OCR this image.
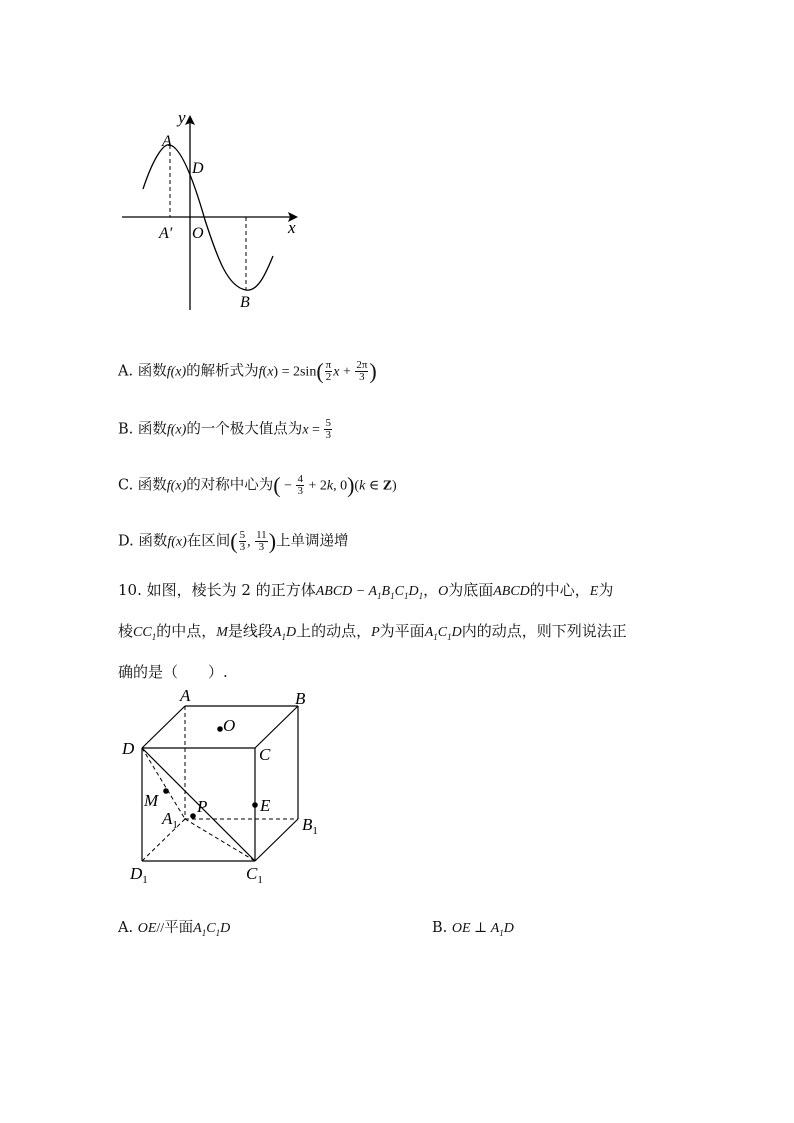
y
x
A
D
A′ O
B
A. 函数f(x)的解析式为$f(x) = 2\sin( \frac{\pi}{2}$ $x + \frac{2\pi}{3}$ )
B. 函数f(x)的一个极大值点为$x = \frac{5}{3}$
C. 函数f(x)的对称中心为( − $\frac{4}{3} + 2k$, 0)(k ∈ Z)
D. 函数f(x)在区间( $\frac{5}{3}$ , $\frac{11}{3}$ )上单调递增
10. 如图，棱长为 2 的正方体ABCD − $A_1B_1C_1D_1$，O为底面ABCD的中心，E为
棱$CC_1$的中点，M是线段$A_1D$上的动点，P为平面$A_1C_1D$内的动点，则下列说法正
确的是（　　）.
A	B
O
D	C
M P	E
$A_1$	$B_1$
$D_1$	$C_1$
A. OE//平面$A_1C_1D$	B. OE ⊥ $A_1D$
